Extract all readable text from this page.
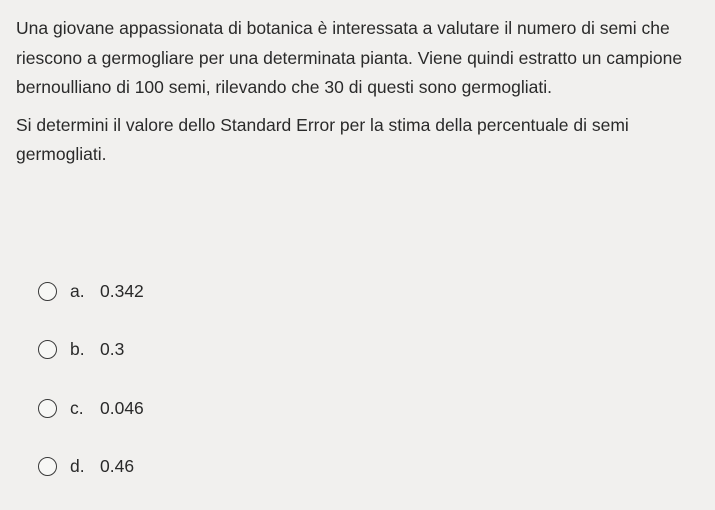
Una giovane appassionata di botanica è interessata a valutare il numero di semi che riescono a germogliare per una determinata pianta. Viene quindi estratto un campione bernoulliano di 100 semi, rilevando che 30 di questi sono germogliati.

Si determini il valore dello Standard Error per la stima della percentuale di semi germogliati.

a. 0.342
b. 0.3
c. 0.046
d. 0.46
